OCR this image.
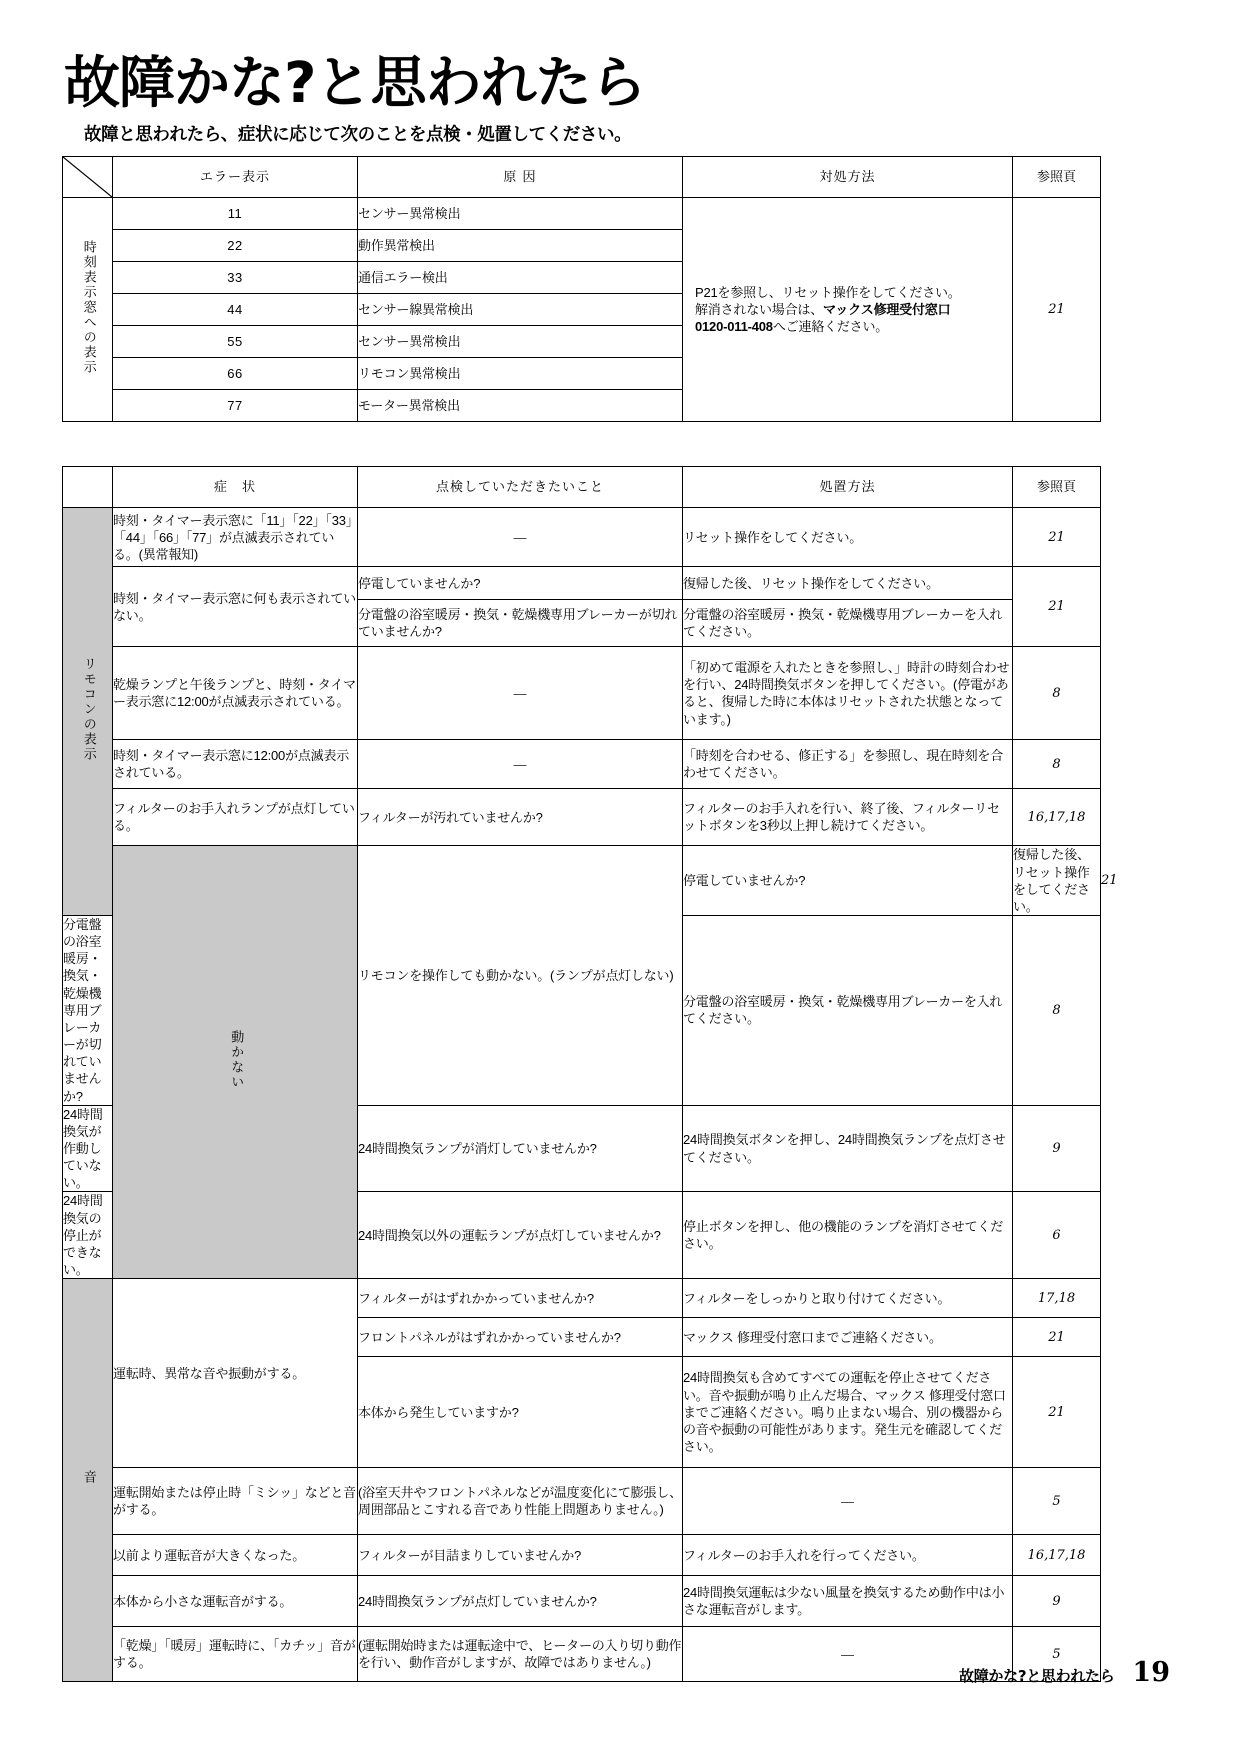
故障かな?と思われたら
故障と思われたら、症状に応じて次のことを点検・処置してください。
	エラー表示	原 因	対処方法	参照頁
時刻表示窓への表示	11	センサー異常検出	P21を参照し、リセット操作をしてください。
解消されない場合は、マックス修理受付窓口
0120-011-408へご連絡ください。	21
	22	動作異常検出		
	33	通信エラー検出		
	44	センサー線異常検出		
	55	センサー異常検出		
	66	リモコン異常検出		
	77	モーター異常検出		
	症　状	点検していただきたいこと	処置方法	参照頁	
リモコンの表示	時刻・タイマー表示窓に「11」「22」「33」「44」「66」「77」が点滅表示されている。(異常報知)	—	リセット操作をしてください。	21	
	時刻・タイマー表示窓に何も表示されていない。	停電していませんか?	復帰した後、リセット操作をしてください。	21	
		分電盤の浴室暖房・換気・乾燥機専用ブレーカーが切れていませんか?	分電盤の浴室暖房・換気・乾燥機専用ブレーカーを入れてください。		
	乾燥ランプと午後ランプと、時刻・タイマー表示窓に12:00が点滅表示されている。	—	「初めて電源を入れたときを参照し、」時計の時刻合わせを行い、24時間換気ボタンを押してください。(停電があると、復帰した時に本体はリセットされた状態となっています。)	8	
	時刻・タイマー表示窓に12:00が点滅表示されている。	—	「時刻を合わせる、修正する」を参照し、現在時刻を合わせてください。	8	
	フィルターのお手入れランプが点灯している。	フィルターが汚れていませんか?	フィルターのお手入れを行い、終了後、フィルターリセットボタンを3秒以上押し続けてください。	16,17,18	
	動かない	リモコンを操作しても動かない。(ランプが点灯しない)	停電していませんか?	復帰した後、リセット操作をしてください。	21
分電盤の浴室暖房・換気・乾燥機専用ブレーカーが切れていませんか?			分電盤の浴室暖房・換気・乾燥機専用ブレーカーを入れてください。	8	
24時間換気が作動していない。		24時間換気ランプが消灯していませんか?	24時間換気ボタンを押し、24時間換気ランプを点灯させてください。	9	
24時間換気の停止ができない。		24時間換気以外の運転ランプが点灯していませんか?	停止ボタンを押し、他の機能のランプを消灯させてください。	6	
音	運転時、異常な音や振動がする。	フィルターがはずれかかっていませんか?	フィルターをしっかりと取り付けてください。	17,18	
		フロントパネルがはずれかかっていませんか?	マックス 修理受付窓口までご連絡ください。	21	
		本体から発生していますか?	24時間換気も含めてすべての運転を停止させてください。音や振動が鳴り止んだ場合、マックス 修理受付窓口 までご連絡ください。鳴り止まない場合、別の機器からの音や振動の可能性があります。発生元を確認してください。	21	
	運転開始または停止時「ミシッ」などと音がする。	(浴室天井やフロントパネルなどが温度変化にて膨張し、周囲部品とこすれる音であり性能上問題ありません。)	—	5	
	以前より運転音が大きくなった。	フィルターが目詰まりしていませんか?	フィルターのお手入れを行ってください。	16,17,18	
	本体から小さな運転音がする。	24時間換気ランプが点灯していませんか?	24時間換気運転は少ない風量を換気するため動作中は小さな運転音がします。	9	
	「乾燥」「暖房」運転時に、「カチッ」音がする。	(運転開始時または運転途中で、ヒーターの入り切り動作を行い、動作音がしますが、故障ではありません。)	—	5	
故障かな?と思われたら 19
